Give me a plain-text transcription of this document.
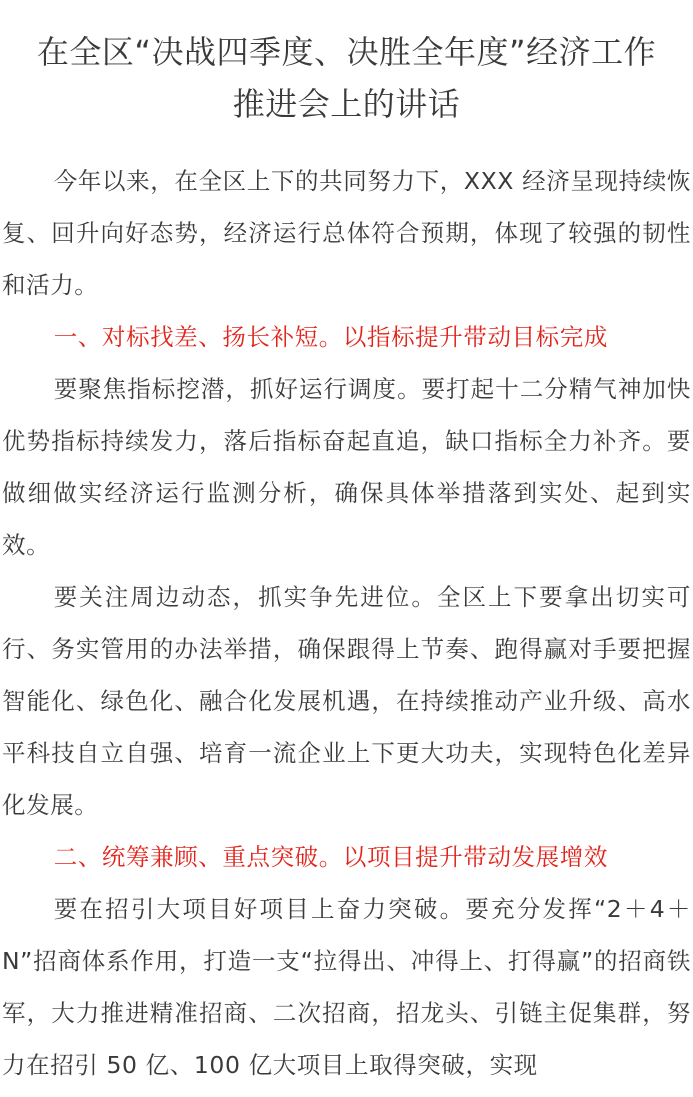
在全区“决战四季度、决胜全年度”经济工作
推进会上的讲话

今年以来，在全区上下的共同努力下，XXX 经济呈现持续恢复、回升向好态势，经济运行总体符合预期，体现了较强的韧性和活力。

一、对标找差、扬长补短。以指标提升带动目标完成

要聚焦指标挖潜，抓好运行调度。要打起十二分精气神加快优势指标持续发力，落后指标奋起直追，缺口指标全力补齐。要做细做实经济运行监测分析，确保具体举措落到实处、起到实效。

要关注周边动态，抓实争先进位。全区上下要拿出切实可行、务实管用的办法举措，确保跟得上节奏、跑得赢对手要把握智能化、绿色化、融合化发展机遇，在持续推动产业升级、高水平科技自立自强、培育一流企业上下更大功夫，实现特色化差异化发展。

二、统筹兼顾、重点突破。以项目提升带动发展增效

要在招引大项目好项目上奋力突破。要充分发挥“2＋4＋N”招商体系作用，打造一支“拉得出、冲得上、打得赢”的招商铁军，大力推进精准招商、二次招商，招龙头、引链主促集群，努力在招引 50 亿、100 亿大项目上取得突破，实现
